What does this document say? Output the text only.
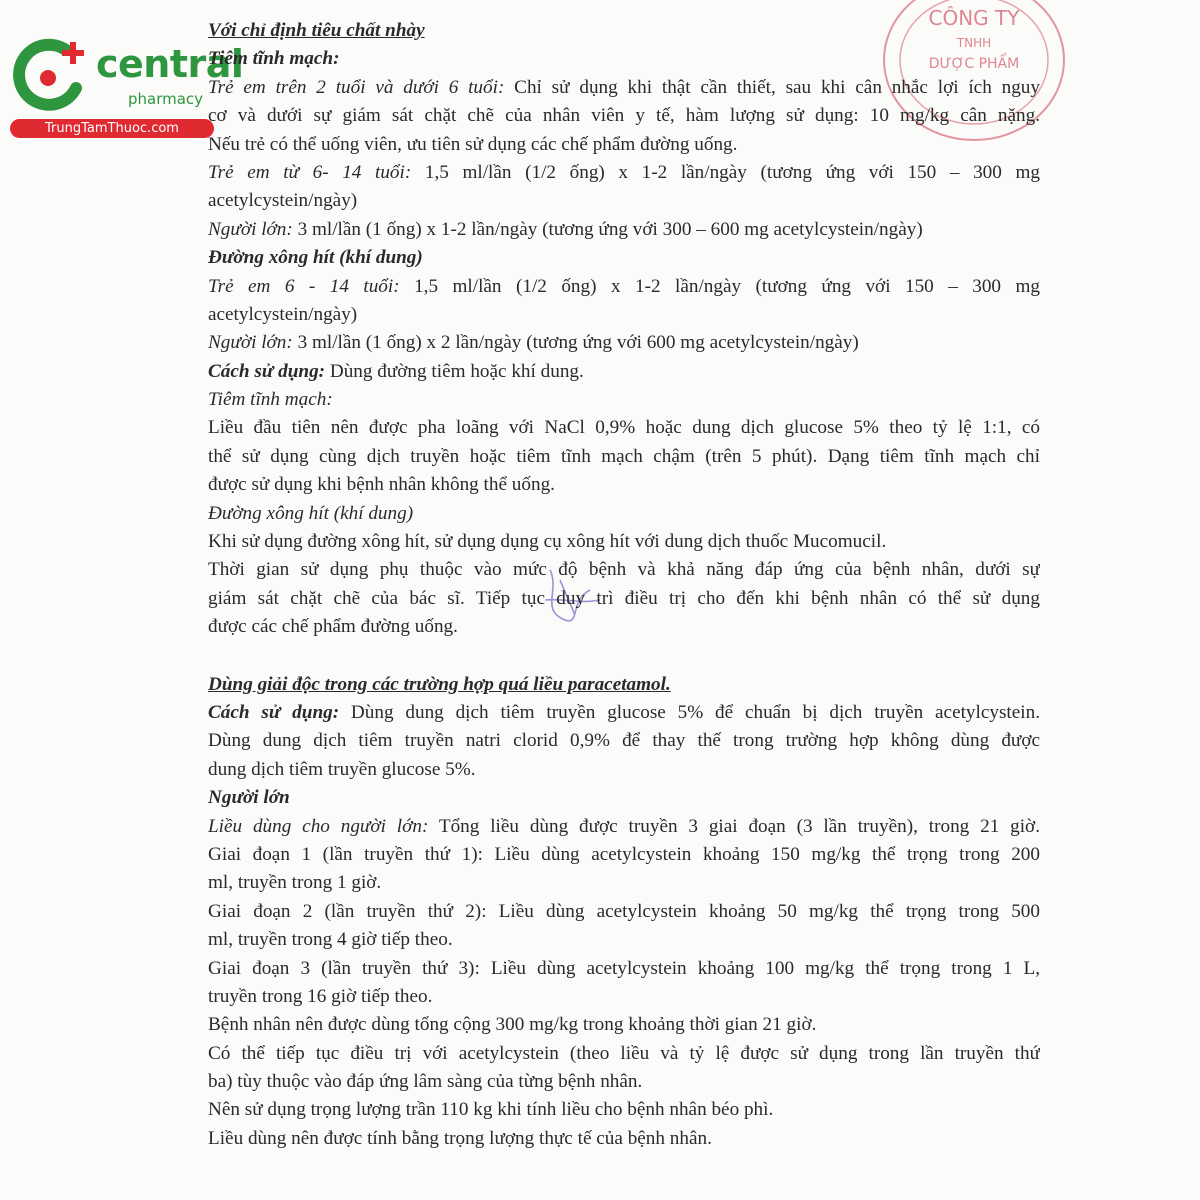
central
pharmacy
TrungTamThuoc.com
CÔNG TY
TNHH
DƯỢC PHẨM

Với chỉ định tiêu chất nhày

Tiêm tĩnh mạch:

Trẻ em trên 2 tuổi và dưới 6 tuổi: Chỉ sử dụng khi thật cần thiết, sau khi cân nhắc lợi ích nguy

cơ và dưới sự giám sát chặt chẽ của nhân viên y tế, hàm lượng sử dụng: 10 mg/kg cân nặng.

Nếu trẻ có thể uống viên, ưu tiên sử dụng các chế phẩm đường uống.

Trẻ em từ 6- 14 tuổi: 1,5 ml/lần (1/2 ống) x 1-2 lần/ngày (tương ứng với 150 – 300 mg

acetylcystein/ngày)

Người lớn: 3 ml/lần (1 ống) x 1-2 lần/ngày (tương ứng với 300 – 600 mg acetylcystein/ngày)

Đường xông hít (khí dung)

Trẻ em 6 - 14 tuổi: 1,5 ml/lần (1/2 ống) x 1-2 lần/ngày (tương ứng với 150 – 300 mg

acetylcystein/ngày)

Người lớn: 3 ml/lần (1 ống) x 2 lần/ngày (tương ứng với 600 mg acetylcystein/ngày)

Cách sử dụng: Dùng đường tiêm hoặc khí dung.

Tiêm tĩnh mạch:

Liều đầu tiên nên được pha loãng với NaCl 0,9% hoặc dung dịch glucose 5% theo tỷ lệ 1:1, có

thể sử dụng cùng dịch truyền hoặc tiêm tĩnh mạch chậm (trên 5 phút). Dạng tiêm tĩnh mạch chỉ

được sử dụng khi bệnh nhân không thể uống.

Đường xông hít (khí dung)

Khi sử dụng đường xông hít, sử dụng dụng cụ xông hít với dung dịch thuốc Mucomucil.

Thời gian sử dụng phụ thuộc vào mức độ bệnh và khả năng đáp ứng của bệnh nhân, dưới sự

giám sát chặt chẽ của bác sĩ. Tiếp tục duy trì điều trị cho đến khi bệnh nhân có thể sử dụng

được các chế phẩm đường uống.

Dùng giải độc trong các trường hợp quá liều paracetamol.

Cách sử dụng: Dùng dung dịch tiêm truyền glucose 5% để chuẩn bị dịch truyền acetylcystein.

Dùng dung dịch tiêm truyền natri clorid 0,9% để thay thế trong trường hợp không dùng được

dung dịch tiêm truyền glucose 5%.

Người lớn

Liều dùng cho người lớn: Tổng liều dùng được truyền 3 giai đoạn (3 lần truyền), trong 21 giờ.

Giai đoạn 1 (lần truyền thứ 1): Liều dùng acetylcystein khoảng 150 mg/kg thể trọng trong 200

ml, truyền trong 1 giờ.

Giai đoạn 2 (lần truyền thứ 2): Liều dùng acetylcystein khoảng 50 mg/kg thể trọng trong 500

ml, truyền trong 4 giờ tiếp theo.

Giai đoạn 3 (lần truyền thứ 3): Liều dùng acetylcystein khoảng 100 mg/kg thể trọng trong 1 L,

truyền trong 16 giờ tiếp theo.

Bệnh nhân nên được dùng tổng cộng 300 mg/kg trong khoảng thời gian 21 giờ.

Có thể tiếp tục điều trị với acetylcystein (theo liều và tỷ lệ được sử dụng trong lần truyền thứ

ba) tùy thuộc vào đáp ứng lâm sàng của từng bệnh nhân.

Nên sử dụng trọng lượng trần 110 kg khi tính liều cho bệnh nhân béo phì.

Liều dùng nên được tính bằng trọng lượng thực tế của bệnh nhân.
